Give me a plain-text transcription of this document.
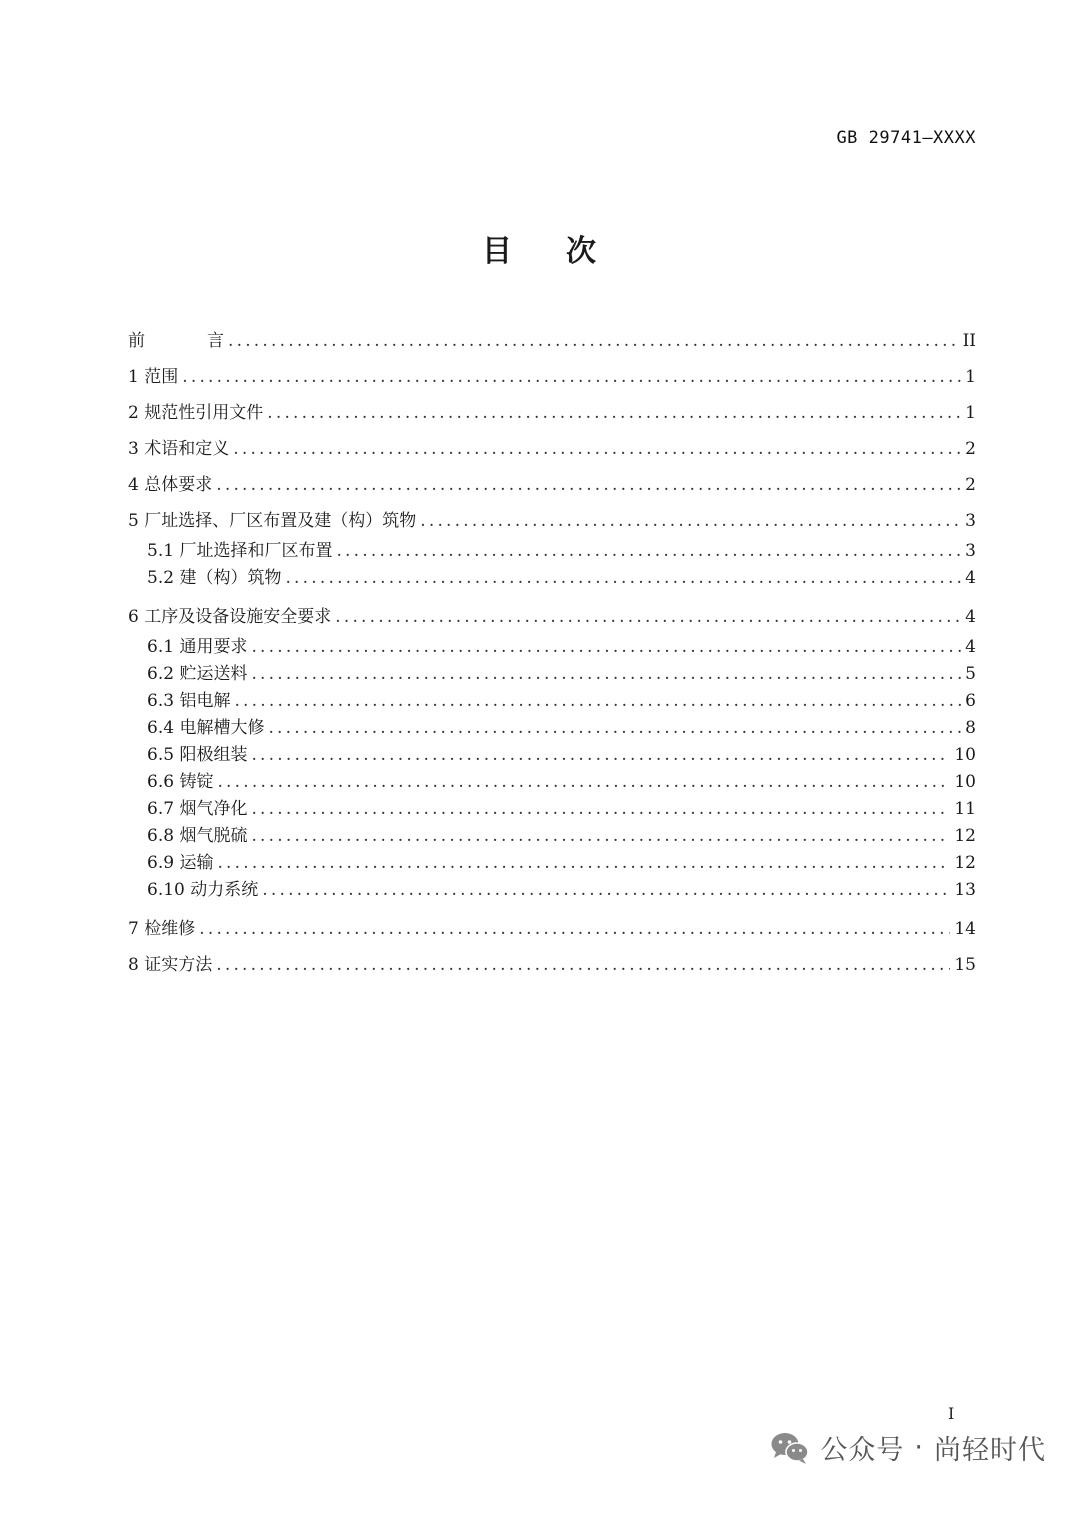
GB 29741—XXXX
目 次
前	言 .....	II
1 范围 .....	1
2 规范性引用文件 .....	1
3 术语和定义 .....	2
4 总体要求 .....	2
5 厂址选择、厂区布置及建（构）筑物 .....	3
5.1 厂址选择和厂区布置 .....	3
5.2 建（构）筑物 .....	4
6 工序及设备设施安全要求 .....	4
6.1 通用要求 .....	4
6.2 贮运送料 .....	5
6.3 铝电解 .....	6
6.4 电解槽大修 .....	8
6.5 阳极组装 .....	10
6.6 铸锭 .....	10
6.7 烟气净化 .....	11
6.8 烟气脱硫 .....	12
6.9 运输 .....	12
6.10 动力系统 .....	13
7 检维修 .....	14
8 证实方法 .....	15
I
公众号 · 尚轻时代
